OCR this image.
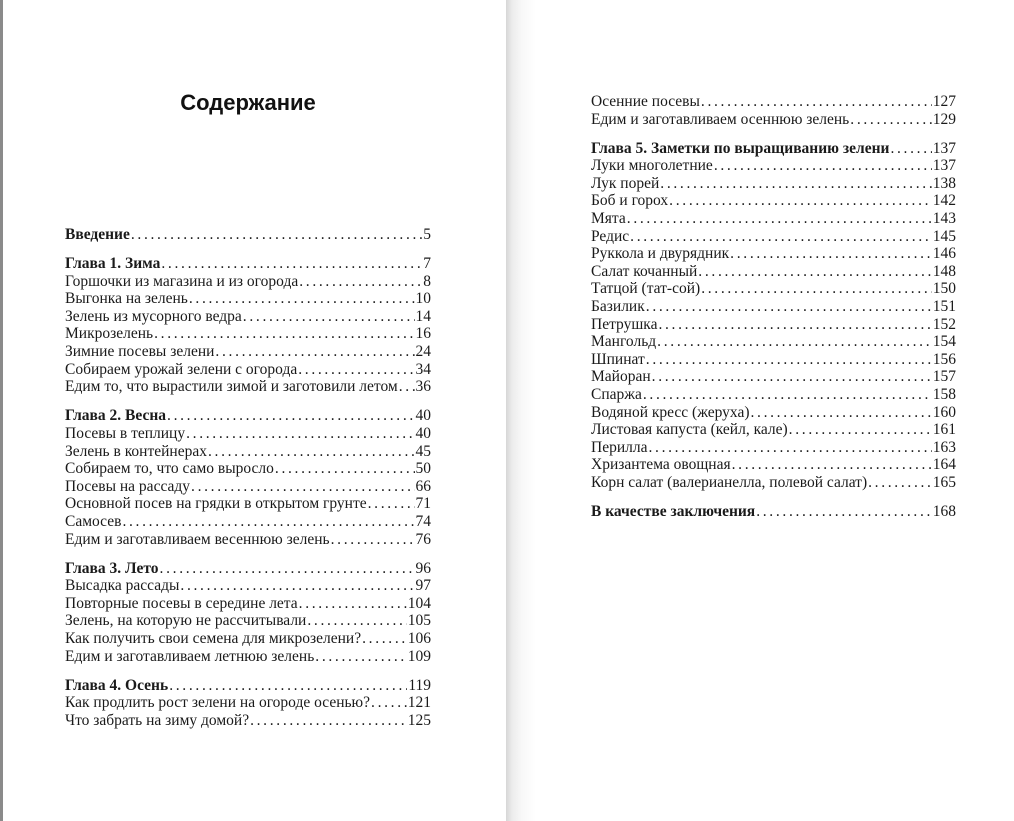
Содержание
Введение . . .	5
Глава 1. Зима . . .	7
Горшочки из магазина и из огорода . . .	8
Выгонка на зелень . . .	10
Зелень из мусорного ведра . . .	14
Микрозелень . . .	16
Зимние посевы зелени . . .	24
Собираем урожай зелени с огорода . . .	34
Едим то, что вырастили зимой и заготовили летом . . . 36
Глава 2. Весна . . .	40
Посевы в теплицу . . .	40
Зелень в контейнерах . . .	45
Собираем то, что само выросло . . .	50
Посевы на рассаду . . .	66
Основной посев на грядки в открытом грунте . . .	71
Самосев . . .	74
Едим и заготавливаем весеннюю зелень . . .	76
Глава 3. Лето . . .	96
Высадка рассады . . .	97
Повторные посевы в середине лета . . .	104
Зелень, на которую не рассчитывали . . .	105
Как получить свои семена для микрозелени? . . .	106
Едим и заготавливаем летнюю зелень . . .	109
Глава 4. Осень . . .	119
Как продлить рост зелени на огороде осенью? . . . 121
Что забрать на зиму домой? . . .	125
Осенние посевы . . .	127
Едим и заготавливаем осеннюю зелень . . .	129
Глава 5. Заметки по выращиванию зелени . . .	137
Луки многолетние . . .	137
Лук порей . . .	138
Боб и горох . . .	142
Мята . . .	143
Редис . . .	145
Руккола и двурядник . . .	146
Салат кочанный . . .	148
Татцой (тат-сой) . . .	150
Базилик . . .	151
Петрушка . . .	152
Мангольд . . .	154
Шпинат . . .	156
Майоран . . .	157
Спаржа . . .	158
Водяной кресс (жеруха) . . .	160
Листовая капуста (кейл, кале) . . .	161
Перилла . . .	163
Хризантема овощная . . .	164
Корн салат (валерианелла, полевой салат) . . .	165
В качестве заключения . . .	168
